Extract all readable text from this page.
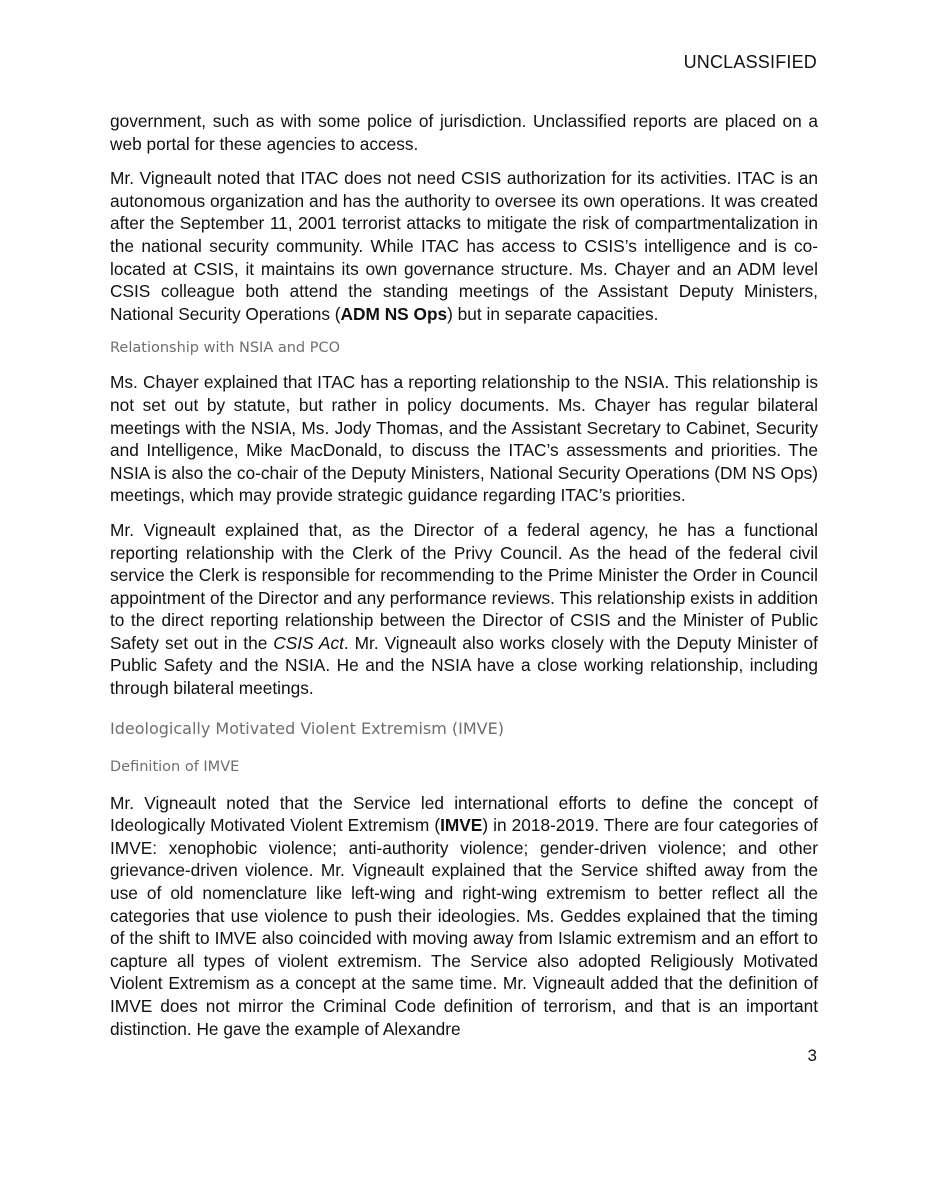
UNCLASSIFIED

government, such as with some police of jurisdiction. Unclassified reports are placed on a web portal for these agencies to access.

Mr. Vigneault noted that ITAC does not need CSIS authorization for its activities. ITAC is an autonomous organization and has the authority to oversee its own operations. It was created after the September 11, 2001 terrorist attacks to mitigate the risk of compartmentalization in the national security community. While ITAC has access to CSIS’s intelligence and is co-located at CSIS, it maintains its own governance structure. Ms. Chayer and an ADM level CSIS colleague both attend the standing meetings of the Assistant Deputy Ministers, National Security Operations (ADM NS Ops) but in separate capacities.

Relationship with NSIA and PCO

Ms. Chayer explained that ITAC has a reporting relationship to the NSIA. This relationship is not set out by statute, but rather in policy documents. Ms. Chayer has regular bilateral meetings with the NSIA, Ms. Jody Thomas, and the Assistant Secretary to Cabinet, Security and Intelligence, Mike MacDonald, to discuss the ITAC’s assessments and priorities. The NSIA is also the co-chair of the Deputy Ministers, National Security Operations (DM NS Ops) meetings, which may provide strategic guidance regarding ITAC’s priorities.

Mr. Vigneault explained that, as the Director of a federal agency, he has a functional reporting relationship with the Clerk of the Privy Council. As the head of the federal civil service the Clerk is responsible for recommending to the Prime Minister the Order in Council appointment of the Director and any performance reviews. This relationship exists in addition to the direct reporting relationship between the Director of CSIS and the Minister of Public Safety set out in the CSIS Act. Mr. Vigneault also works closely with the Deputy Minister of Public Safety and the NSIA. He and the NSIA have a close working relationship, including through bilateral meetings.

Ideologically Motivated Violent Extremism (IMVE)

Definition of IMVE

Mr. Vigneault noted that the Service led international efforts to define the concept of Ideologically Motivated Violent Extremism (IMVE) in 2018-2019. There are four categories of IMVE: xenophobic violence; anti-authority violence; gender-driven violence; and other grievance-driven violence. Mr. Vigneault explained that the Service shifted away from the use of old nomenclature like left-wing and right-wing extremism to better reflect all the categories that use violence to push their ideologies. Ms. Geddes explained that the timing of the shift to IMVE also coincided with moving away from Islamic extremism and an effort to capture all types of violent extremism. The Service also adopted Religiously Motivated Violent Extremism as a concept at the same time. Mr. Vigneault added that the definition of IMVE does not mirror the Criminal Code definition of terrorism, and that is an important distinction. He gave the example of Alexandre

3
